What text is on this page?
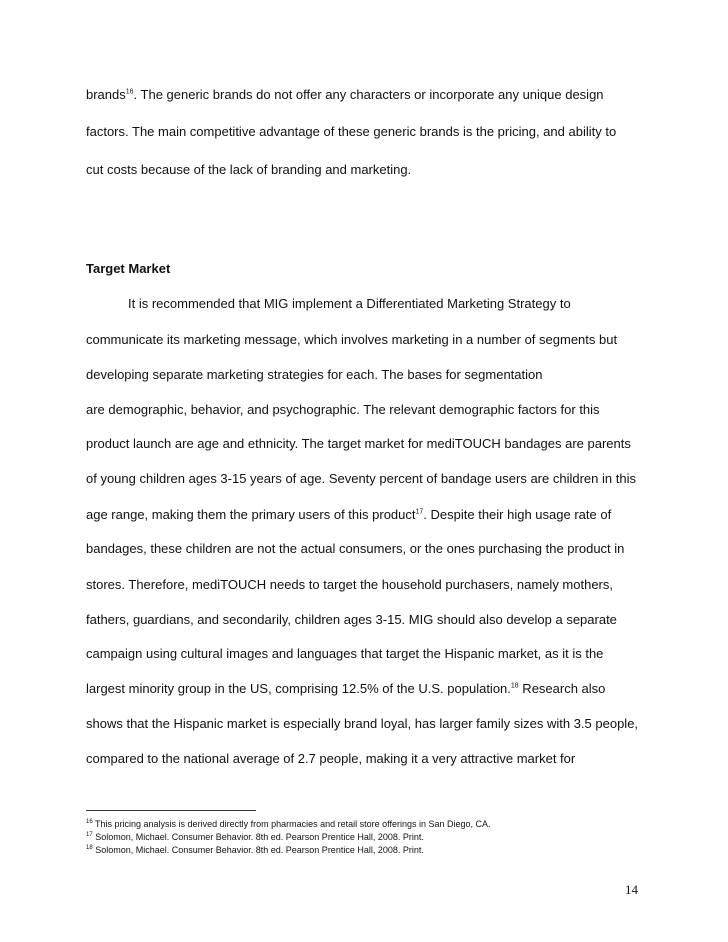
brands$^{16}$. The generic brands do not offer any characters or incorporate any unique design
factors. The main competitive advantage of these generic brands is the pricing, and ability to
cut costs because of the lack of branding and marketing.
Target Market
It is recommended that MIG implement a Differentiated Marketing Strategy to
communicate its marketing message, which involves marketing in a number of segments but
developing separate marketing strategies for each. The bases for segmentation
are demographic, behavior, and psychographic. The relevant demographic factors for this
product launch are age and ethnicity. The target market for mediTOUCH bandages are parents
of young children ages 3-15 years of age. Seventy percent of bandage users are children in this
age range, making them the primary users of this product$^{17}$. Despite their high usage rate of
bandages, these children are not the actual consumers, or the ones purchasing the product in
stores. Therefore, mediTOUCH needs to target the household purchasers, namely mothers,
fathers, guardians, and secondarily, children ages 3-15. MIG should also develop a separate
campaign using cultural images and languages that target the Hispanic market, as it is the
largest minority group in the US, comprising 12.5% of the U.S. population.$^{18}$ Research also
shows that the Hispanic market is especially brand loyal, has larger family sizes with 3.5 people,
compared to the national average of 2.7 people, making it a very attractive market for
$^{16}$ This pricing analysis is derived directly from pharmacies and retail store offerings in San Diego, CA.
$^{17}$ Solomon, Michael. Consumer Behavior. 8th ed. Pearson Prentice Hall, 2008. Print.
$^{18}$ Solomon, Michael. Consumer Behavior. 8th ed. Pearson Prentice Hall, 2008. Print.
14
